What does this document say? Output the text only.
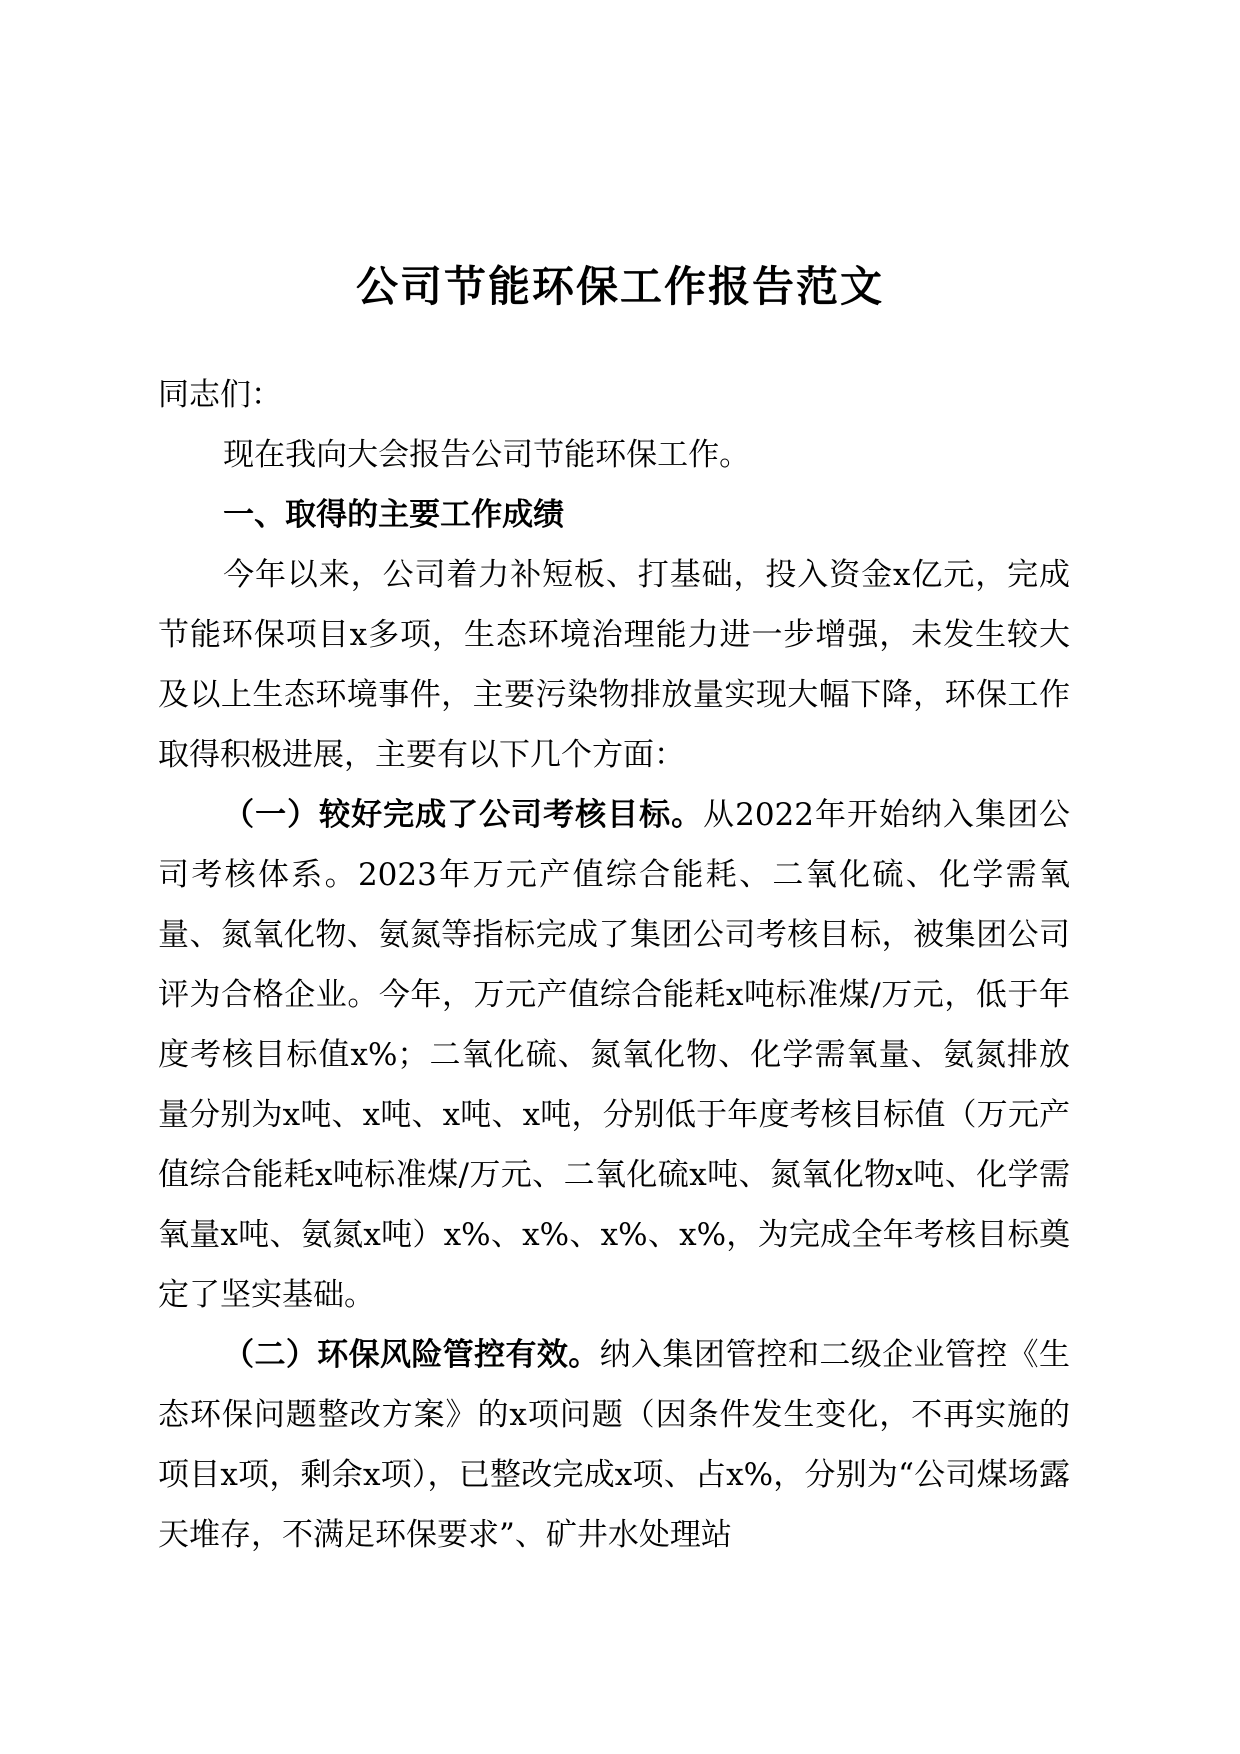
公司节能环保工作报告范文

同志们：

现在我向大会报告公司节能环保工作。

一、取得的主要工作成绩

今年以来，公司着力补短板、打基础，投入资金x亿元，完成节能环保项目x多项，生态环境治理能力进一步增强，未发生较大及以上生态环境事件，主要污染物排放量实现大幅下降，环保工作取得积极进展，主要有以下几个方面：

（一）较好完成了公司考核目标。从2022年开始纳入集团公司考核体系。2023年万元产值综合能耗、二氧化硫、化学需氧量、氮氧化物、氨氮等指标完成了集团公司考核目标，被集团公司评为合格企业。今年，万元产值综合能耗x吨标准煤/万元，低于年度考核目标值x%；二氧化硫、氮氧化物、化学需氧量、氨氮排放量分别为x吨、x吨、x吨、x吨，分别低于年度考核目标值（万元产值综合能耗x吨标准煤/万元、二氧化硫x吨、氮氧化物x吨、化学需氧量x吨、氨氮x吨）x%、x%、x%、x%，为完成全年考核目标奠定了坚实基础。

（二）环保风险管控有效。纳入集团管控和二级企业管控《生态环保问题整改方案》的x项问题（因条件发生变化，不再实施的项目x项，剩余x项），已整改完成x项、占x%，分别为“公司煤场露天堆存，不满足环保要求”、矿井水处理站
